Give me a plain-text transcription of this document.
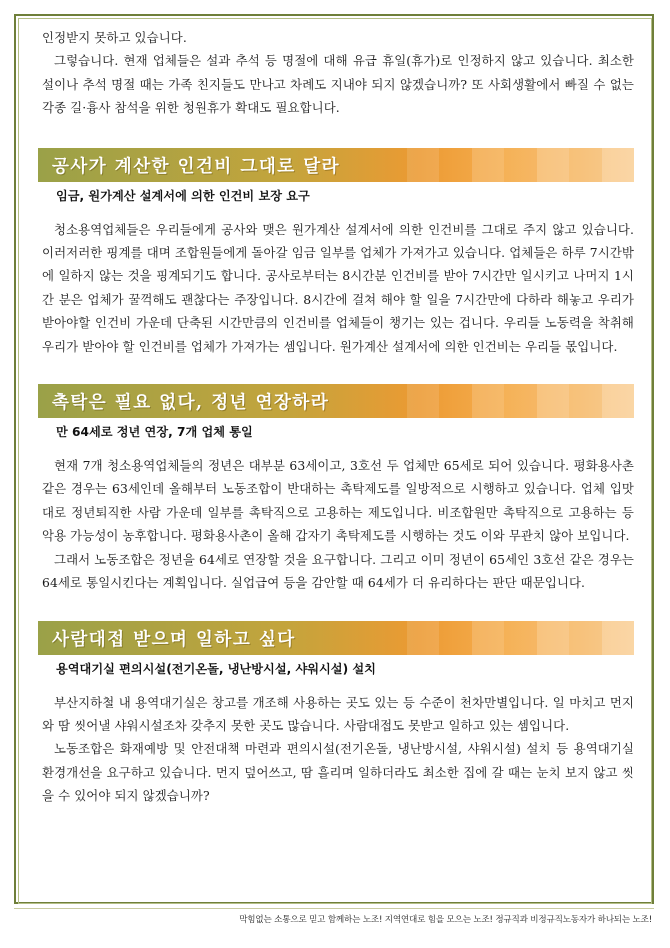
인정받지 못하고 있습니다.

그렇습니다. 현재 업체들은 설과 추석 등 명절에 대해 유급 휴일(휴가)로 인정하지 않고 있습니다. 최소한 설이나 추석 명절 때는 가족 친지들도 만나고 차례도 지내야 되지 않겠습니까? 또 사회생활에서 빠질 수 없는 각종 길·흉사 참석을 위한 청원휴가 확대도 필요합니다.

공사가 계산한 인건비 그대로 달라
임금, 원가계산 설계서에 의한 인건비 보장 요구

청소용역업체들은 우리들에게 공사와 맺은 원가계산 설계서에 의한 인건비를 그대로 주지 않고 있습니다. 이러저러한 핑계를 대며 조합원들에게 돌아갈 임금 일부를 업체가 가져가고 있습니다. 업체들은 하루 7시간밖에 일하지 않는 것을 핑계되기도 합니다. 공사로부터는 8시간분 인건비를 받아 7시간만 일시키고 나머지 1시간 분은 업체가 꿀꺽해도 괜찮다는 주장입니다. 8시간에 걸쳐 해야 할 일을 7시간만에 다하라 해놓고 우리가 받아야할 인건비 가운데 단축된 시간만큼의 인건비를 업체들이 챙기는 있는 겁니다. 우리들 노동력을 착취해 우리가 받아야 할 인건비를 업체가 가져가는 셈입니다. 원가계산 설계서에 의한 인건비는 우리들 몫입니다.

촉탁은 필요 없다, 정년 연장하라
만 64세로 정년 연장, 7개 업체 통일

현재 7개 청소용역업체들의 정년은 대부분 63세이고, 3호선 두 업체만 65세로 되어 있습니다. 평화용사촌 같은 경우는 63세인데 올해부터 노동조합이 반대하는 촉탁제도를 일방적으로 시행하고 있습니다. 업체 입맛대로 정년퇴직한 사람 가운데 일부를 촉탁직으로 고용하는 제도입니다. 비조합원만 촉탁직으로 고용하는 등 악용 가능성이 농후합니다. 평화용사촌이 올해 갑자기 촉탁제도를 시행하는 것도 이와 무관치 않아 보입니다.

그래서 노동조합은 정년을 64세로 연장할 것을 요구합니다. 그리고 이미 정년이 65세인 3호선 같은 경우는 64세로 통일시킨다는 계획입니다. 실업급여 등을 감안할 때 64세가 더 유리하다는 판단 때문입니다.

사람대접 받으며 일하고 싶다
용역대기실 편의시설(전기온돌, 냉난방시설, 샤워시설) 설치

부산지하철 내 용역대기실은 창고를 개조해 사용하는 곳도 있는 등 수준이 천차만별입니다. 일 마치고 먼지와 땀 씻어낼 샤워시설조차 갖추지 못한 곳도 많습니다. 사람대접도 못받고 일하고 있는 셈입니다.

노동조합은 화재예방 및 안전대책 마련과 편의시설(전기온돌, 냉난방시설, 샤워시설) 설치 등 용역대기실 환경개선을 요구하고 있습니다. 먼지 덮어쓰고, 땀 흘리며 일하더라도 최소한 집에 갈 때는 눈치 보지 않고 씻을 수 있어야 되지 않겠습니까?

막힘없는 소통으로 믿고 함께하는 노조! 지역연대로 힘을 모으는 노조! 정규직과 비정규직노동자가 하나되는 노조!
